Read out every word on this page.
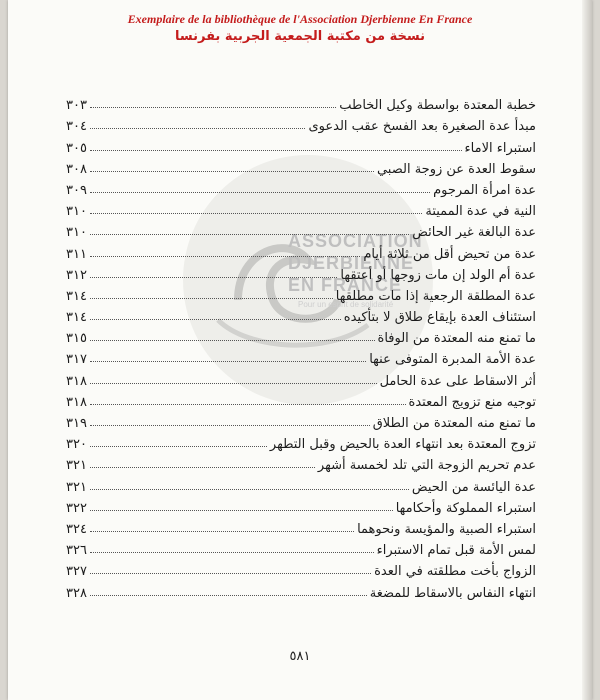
Exemplaire de la bibliothèque de l'Association Djerbienne En France
نسخة من مكتبة الجمعية الجربية بفرنسا
ASSOCIATION
DJERBIENNE
EN FRANCE
Pour un esprit de solidarité
خطبة المعتدة بواسطة وكيل الخاطب
٣٠٣
مبدأ عدة الصغيرة بعد الفسخ عقب الدعوى
٣٠٤
استبراء الاماء
٣٠٥
سقوط العدة عن زوجة الصبي
٣٠٨
عدة امرأة المرجوم
٣٠٩
النية في عدة المميتة
٣١٠
عدة البالغة غير الحائض
٣١٠
عدة من تحيض أقل من ثلاثة أيام
٣١١
عدة أم الولد إن مات زوجها أو أعتقها
٣١٢
عدة المطلقة الرجعية إذا مات مطلقها
٣١٤
استئناف العدة بإيقاع طلاق لا بتأكيده
٣١٤
ما تمنع منه المعتدة من الوفاة
٣١٥
عدة الأمة المدبرة المتوفى عنها
٣١٧
أثر الاسقاط على عدة الحامل
٣١٨
توجيه منع تزويج المعتدة
٣١٨
ما تمنع منه المعتدة من الطلاق
٣١٩
تزوج المعتدة بعد انتهاء العدة بالحيض وقبل التطهر
٣٢٠
عدم تحريم الزوجة التي تلد لخمسة أشهر
٣٢١
عدة اليائسة من الحيض
٣٢١
استبراء المملوكة وأحكامها
٣٢٢
استبراء الصبية والمؤيسة ونحوهما
٣٢٤
لمس الأمة قبل تمام الاستبراء
٣٢٦
الزواج بأخت مطلقته في العدة
٣٢٧
انتهاء النفاس بالاسقاط للمضغة
٣٢٨
٥٨١
